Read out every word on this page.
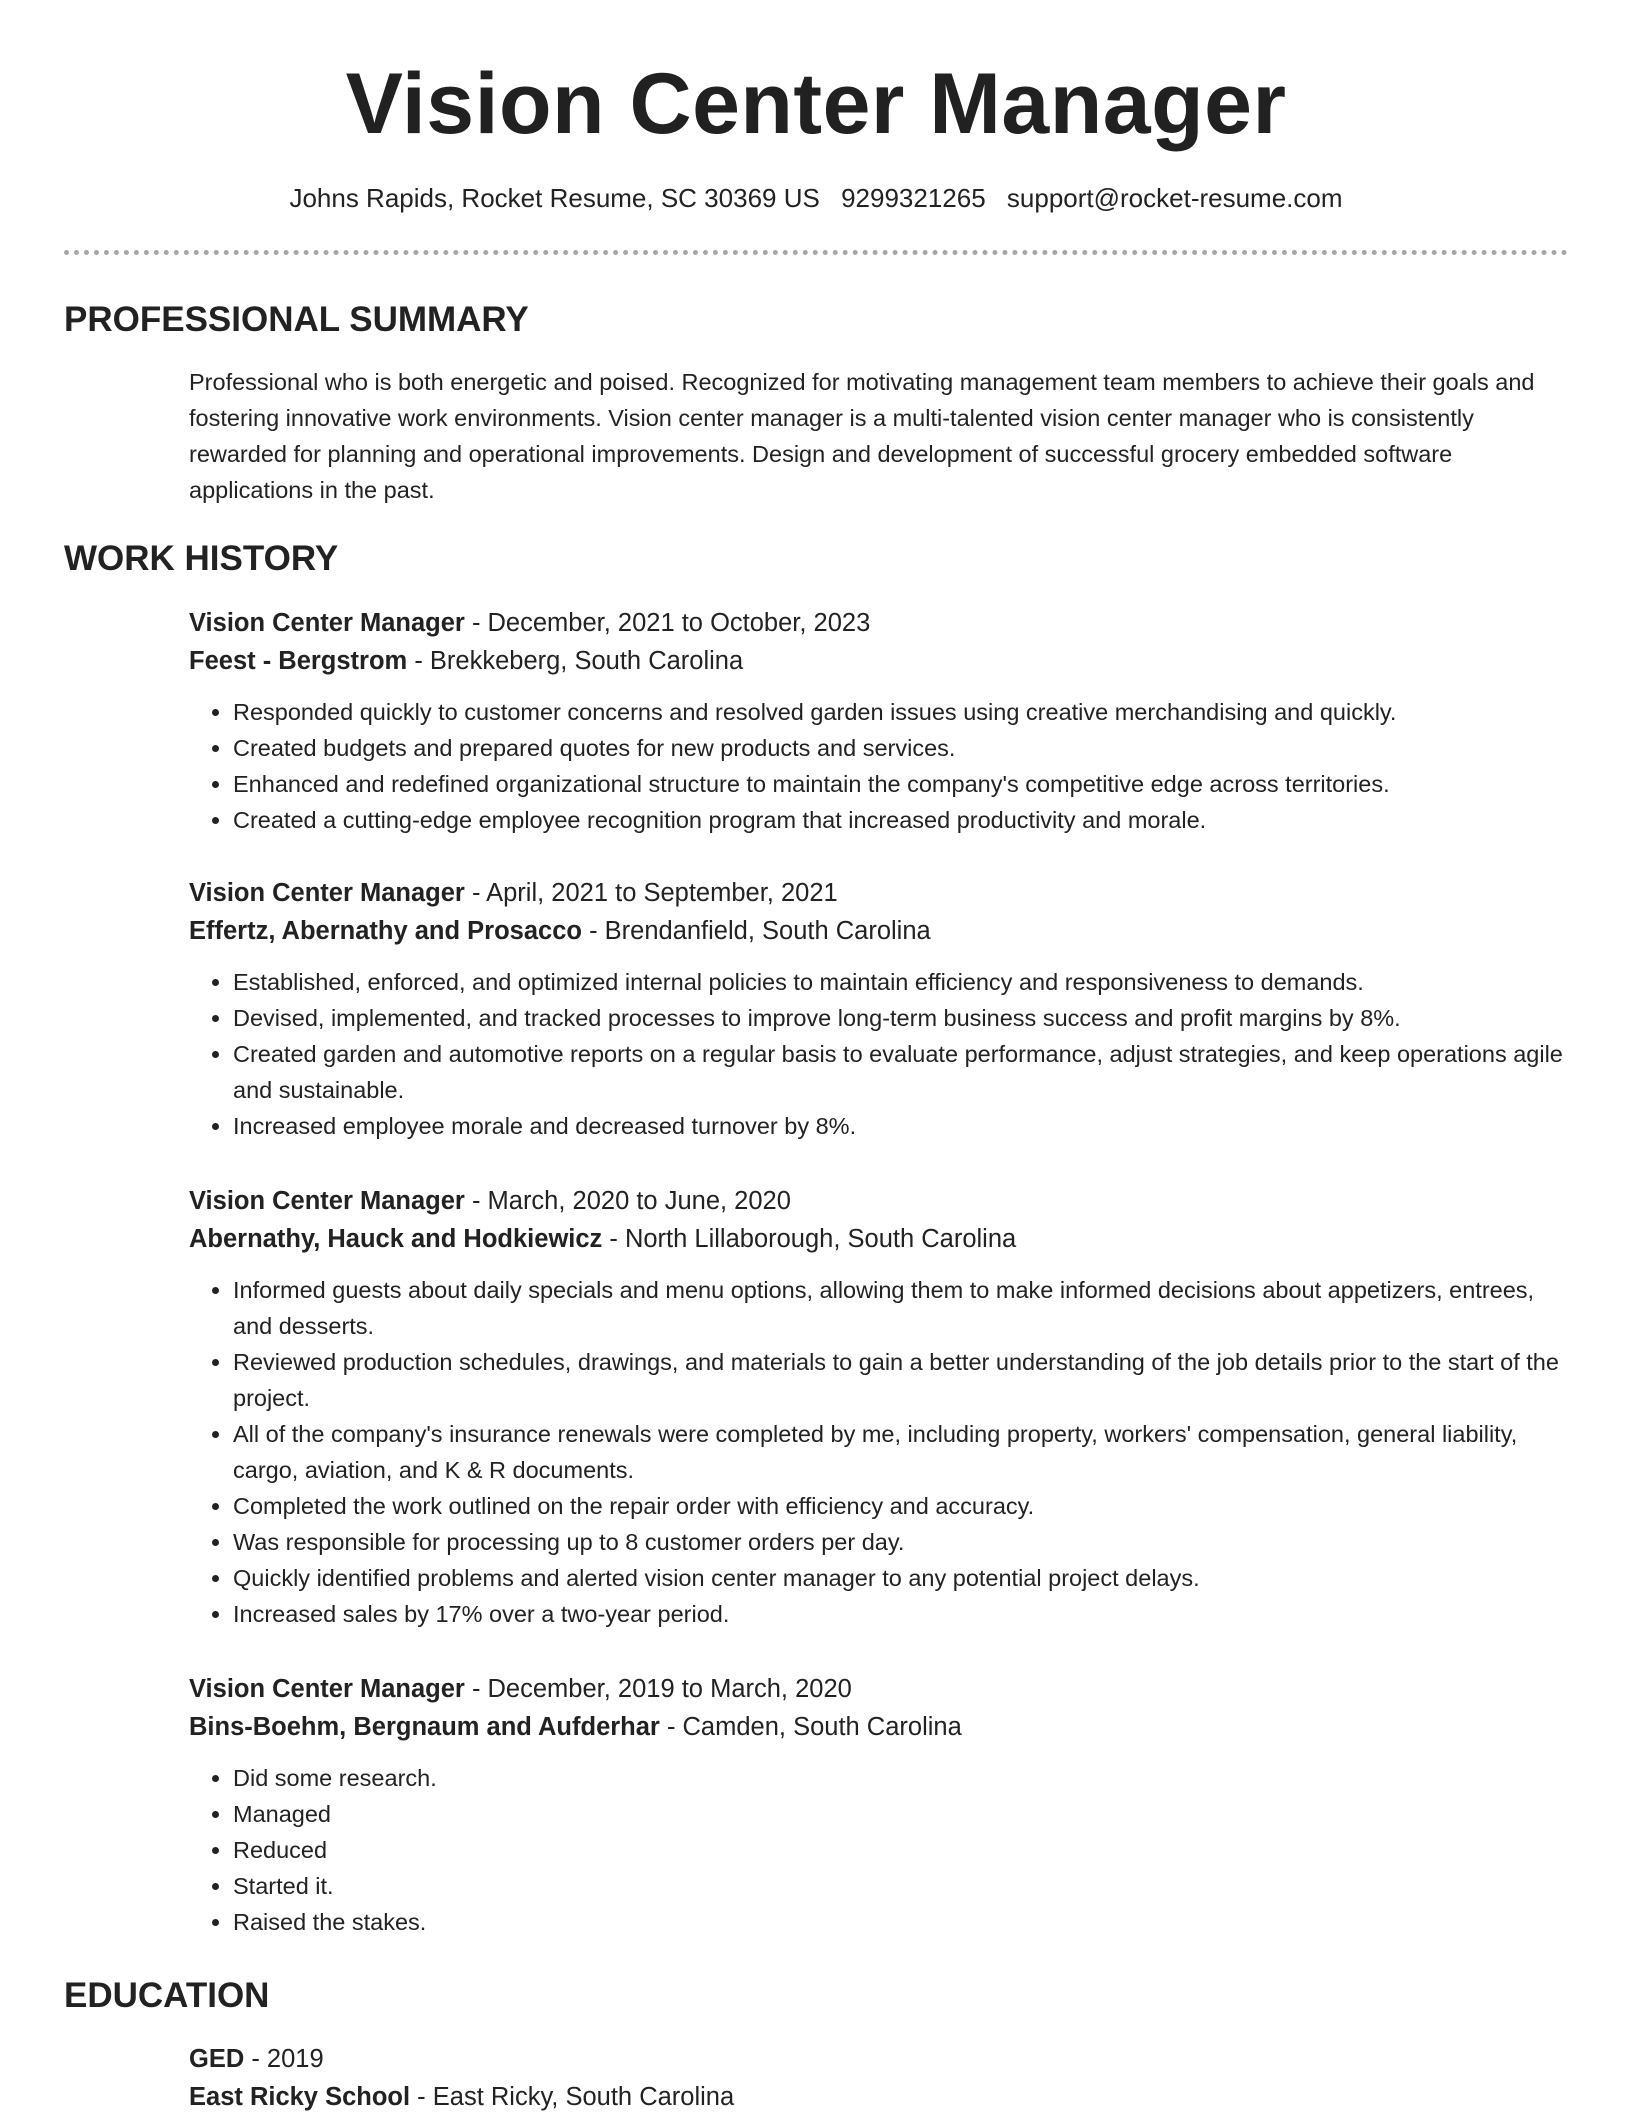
Vision Center Manager
Johns Rapids, Rocket Resume, SC 30369 US 9299321265 support@rocket-resume.com
PROFESSIONAL SUMMARY
Professional who is both energetic and poised. Recognized for motivating management team members to achieve their goals and fostering innovative work environments. Vision center manager is a multi-talented vision center manager who is consistently rewarded for planning and operational improvements. Design and development of successful grocery embedded software applications in the past.
WORK HISTORY
Vision Center Manager - December, 2021 to October, 2023
Feest - Bergstrom - Brekkeberg, South Carolina
• Responded quickly to customer concerns and resolved garden issues using creative merchandising and quickly.
• Created budgets and prepared quotes for new products and services.
• Enhanced and redefined organizational structure to maintain the company's competitive edge across territories.
• Created a cutting-edge employee recognition program that increased productivity and morale.
Vision Center Manager - April, 2021 to September, 2021
Effertz, Abernathy and Prosacco - Brendanfield, South Carolina
• Established, enforced, and optimized internal policies to maintain efficiency and responsiveness to demands.
• Devised, implemented, and tracked processes to improve long-term business success and profit margins by 8%.
• Created garden and automotive reports on a regular basis to evaluate performance, adjust strategies, and keep operations agile and sustainable.
• Increased employee morale and decreased turnover by 8%.
Vision Center Manager - March, 2020 to June, 2020
Abernathy, Hauck and Hodkiewicz - North Lillaborough, South Carolina
• Informed guests about daily specials and menu options, allowing them to make informed decisions about appetizers, entrees, and desserts.
• Reviewed production schedules, drawings, and materials to gain a better understanding of the job details prior to the start of the project.
• All of the company's insurance renewals were completed by me, including property, workers' compensation, general liability, cargo, aviation, and K & R documents.
• Completed the work outlined on the repair order with efficiency and accuracy.
• Was responsible for processing up to 8 customer orders per day.
• Quickly identified problems and alerted vision center manager to any potential project delays.
• Increased sales by 17% over a two-year period.
Vision Center Manager - December, 2019 to March, 2020
Bins-Boehm, Bergnaum and Aufderhar - Camden, South Carolina
• Did some research.
• Managed
• Reduced
• Started it.
• Raised the stakes.
EDUCATION
GED - 2019
East Ricky School - East Ricky, South Carolina
